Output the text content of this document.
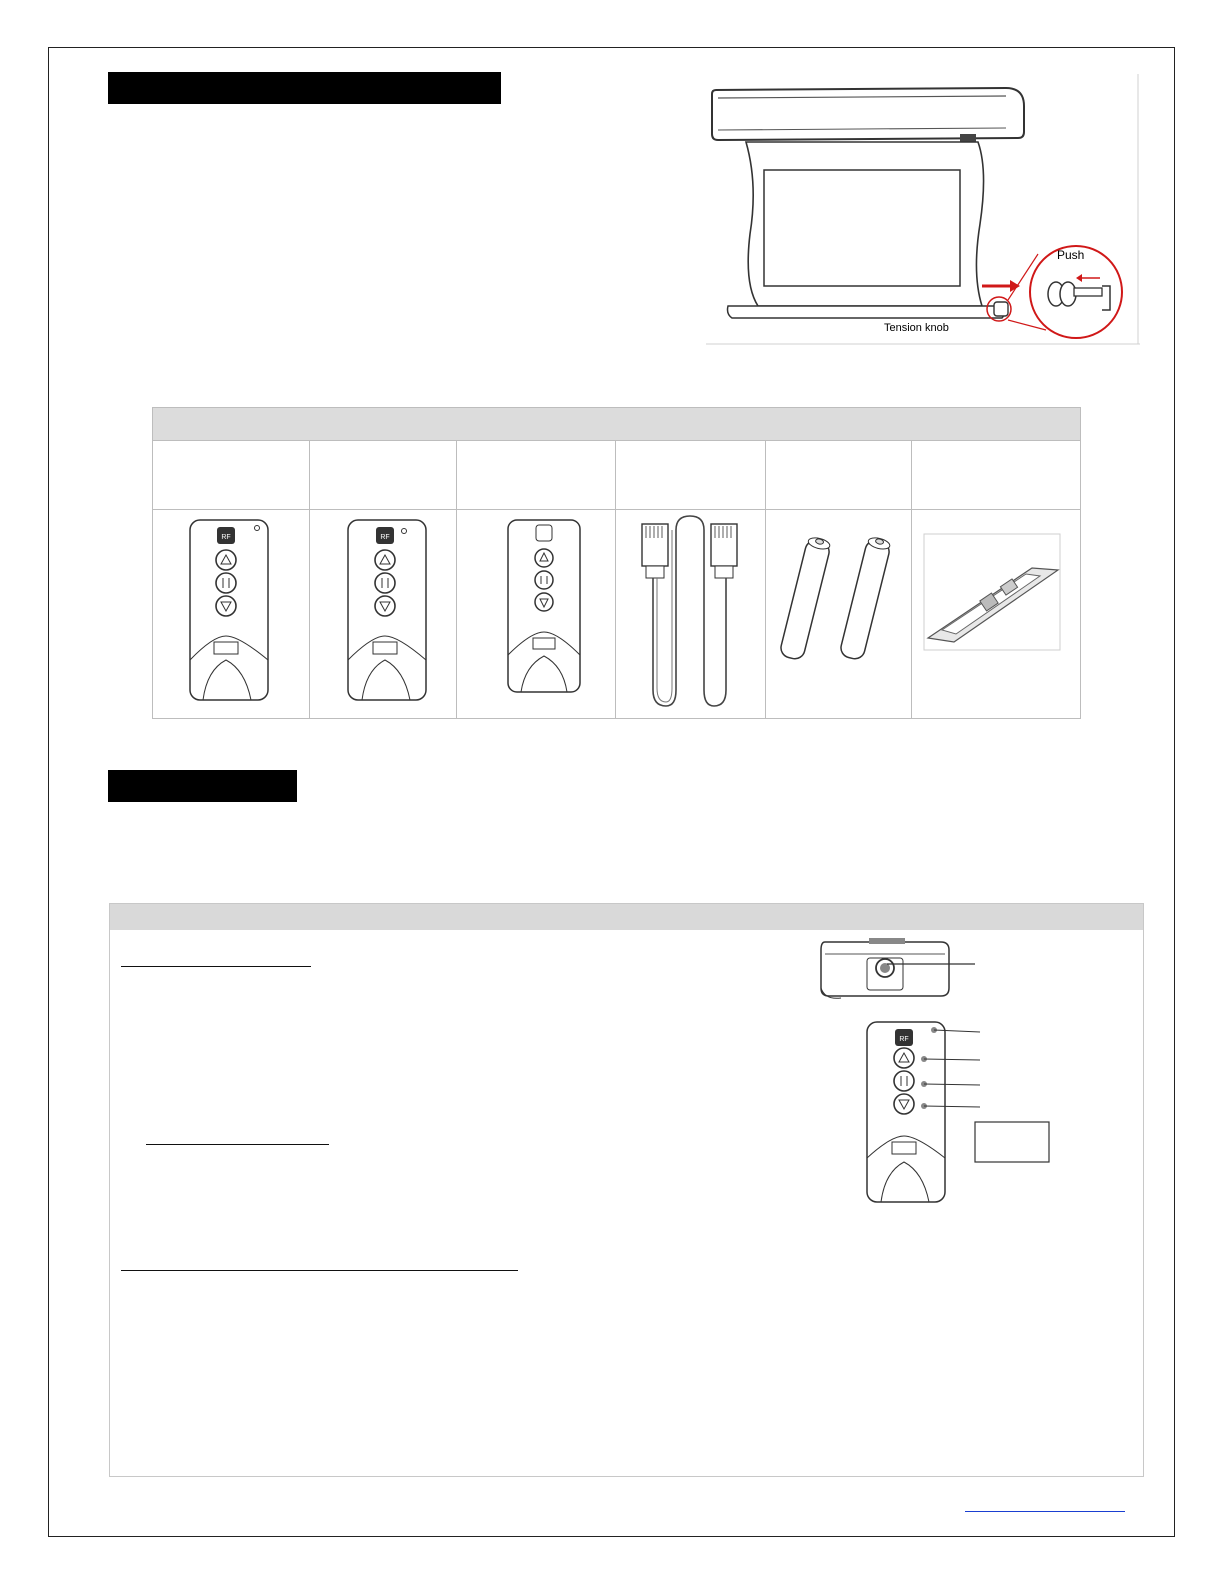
Push
Tension knob
RF	RF
RF
